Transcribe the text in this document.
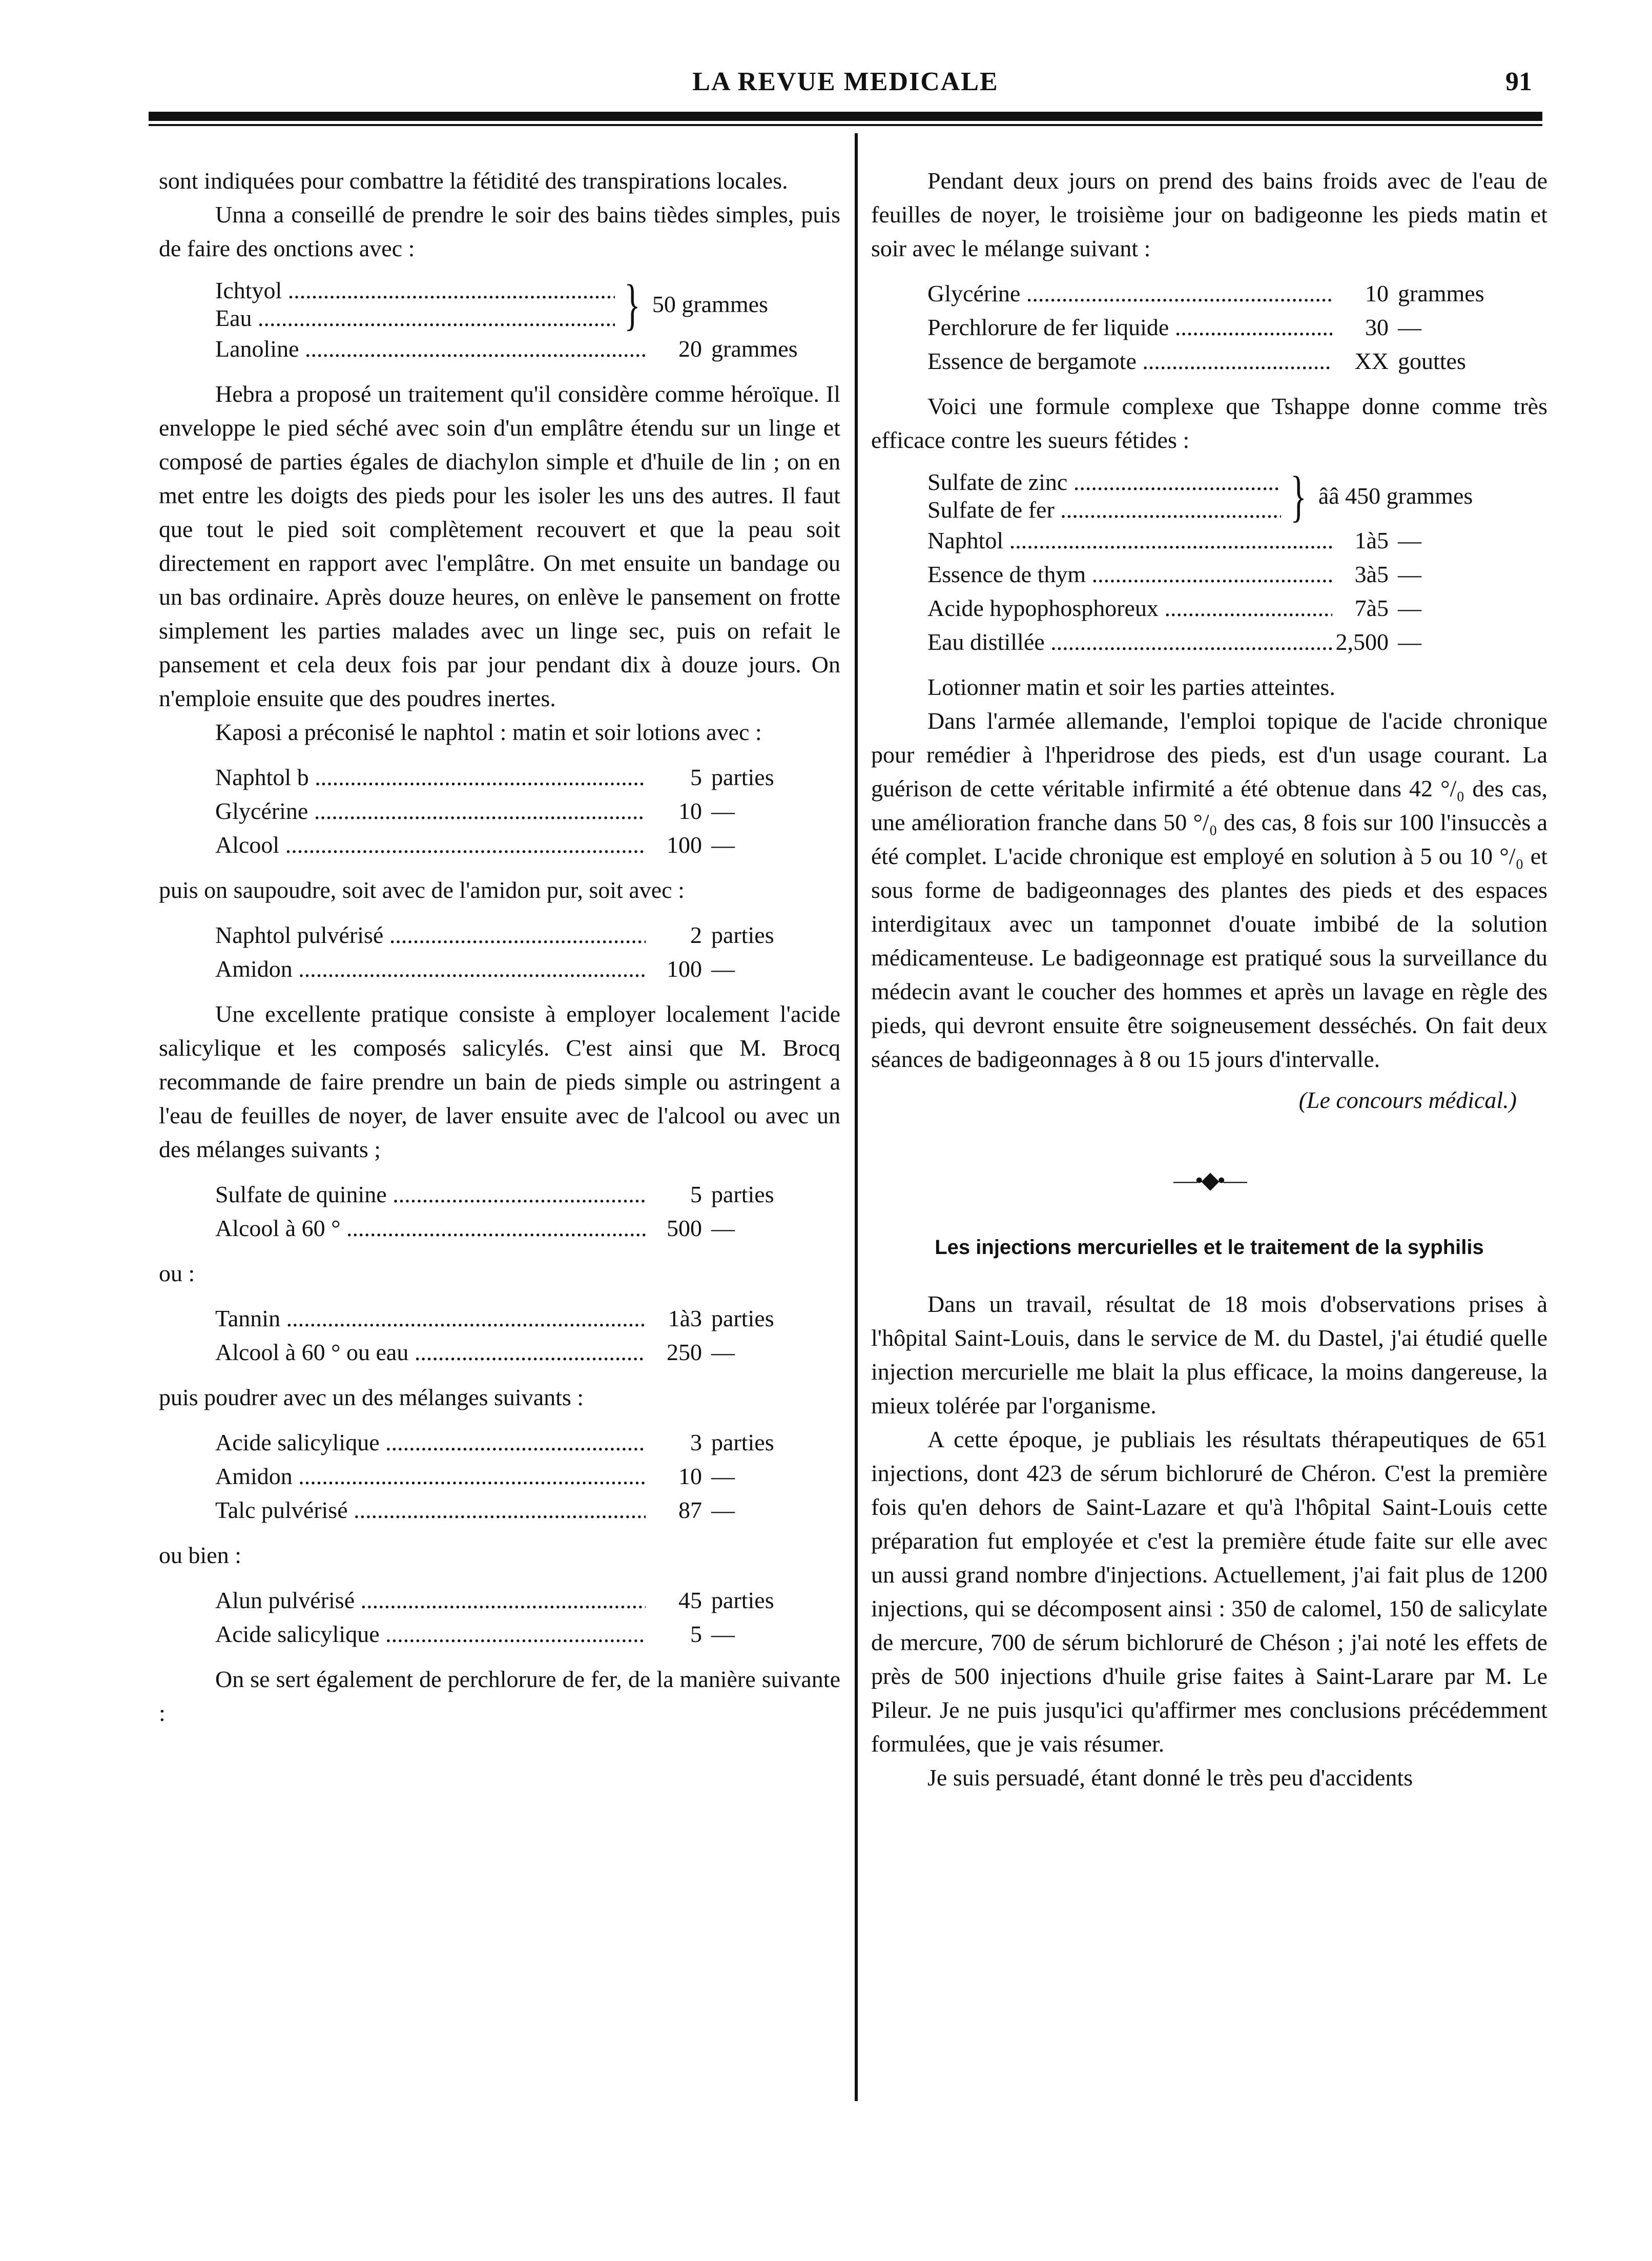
LA REVUE MEDICALE	91

sont indiquées pour combattre la fétidité des transpirations locales.

Unna a conseillé de prendre le soir des bains tièdes simples, puis de faire des onctions avec :

Ichtyol .....
Eau .....	} 50 grammes
Lanoline .....	20 grammes

Hebra a proposé un traitement qu'il considère comme héroïque. Il enveloppe le pied séché avec soin d'un emplâtre étendu sur un linge et composé de parties égales de diachylon simple et d'huile de lin ; on en met entre les doigts des pieds pour les isoler les uns des autres. Il faut que tout le pied soit complètement recouvert et que la peau soit directement en rapport avec l'emplâtre. On met ensuite un bandage ou un bas ordinaire. Après douze heures, on enlève le pansement on frotte simplement les parties malades avec un linge sec, puis on refait le pansement et cela deux fois par jour pendant dix à douze jours. On n'emploie ensuite que des poudres inertes.

Kaposi a préconisé le naphtol : matin et soir lotions avec :

Naphtol b .....	5 parties
Glycérine .....	10 —
Alcool .....	100 —

puis on saupoudre, soit avec de l'amidon pur, soit avec :

Naphtol pulvérisé .....	2 parties
Amidon .....	100 —

Une excellente pratique consiste à employer localement l'acide salicylique et les composés salicylés. C'est ainsi que M. Brocq recommande de faire prendre un bain de pieds simple ou astringent a l'eau de feuilles de noyer, de laver ensuite avec de l'alcool ou avec un des mélanges suivants ;

Sulfate de quinine .....	5 parties
Alcool à 60 ° .....	500 —

ou :

Tannin .....	1à3 parties
Alcool à 60 ° ou eau .....	250 —

puis poudrer avec un des mélanges suivants :

Acide salicylique .....	3 parties
Amidon .....	10 —
Talc pulvérisé .....	87 —

ou bien :

Alun pulvérisé .....	45 parties
Acide salicylique .....	5 —

On se sert également de perchlorure de fer, de la manière suivante :

Pendant deux jours on prend des bains froids avec de l'eau de feuilles de noyer, le troisième jour on badigeonne les pieds matin et soir avec le mélange suivant :

Glycérine .....	10 grammes
Perchlorure de fer liquide .....	30 —
Essence de bergamote .....	XX gouttes

Voici une formule complexe que Tshappe donne comme très efficace contre les sueurs fétides :

Sulfate de zinc .....
Sulfate de fer .....	} ââ 450 grammes
Naphtol .....	1à5 —
Essence de thym .....	3à5 —
Acide hypophosphoreux .....	7à5 —
Eau distillée .....	2,500 —

Lotionner matin et soir les parties atteintes.

Dans l'armée allemande, l'emploi topique de l'acide chronique pour remédier à l'hperidrose des pieds, est d'un usage courant. La guérison de cette véritable infirmité a été obtenue dans 42 °/₀ des cas, une amélioration franche dans 50 °/₀ des cas, 8 fois sur 100 l'insuccès a été complet. L'acide chronique est employé en solution à 5 ou 10 °/₀ et sous forme de badigeonnages des plantes des pieds et des espaces interdigitaux avec un tamponnet d'ouate imbibé de la solution médicamenteuse. Le badigeonnage est pratiqué sous la surveillance du médecin avant le coucher des hommes et après un lavage en règle des pieds, qui devront ensuite être soigneusement desséchés. On fait deux séances de badigeonnages à 8 ou 15 jours d'intervalle.

(Le concours médical.)
—•◆•—
Les injections mercurielles et le traitement de la syphilis

Dans un travail, résultat de 18 mois d'observations prises à l'hôpital Saint-Louis, dans le service de M. du Dastel, j'ai étudié quelle injection mercurielle me blait la plus efficace, la moins dangereuse, la mieux tolérée par l'organisme.

A cette époque, je publiais les résultats thérapeutiques de 651 injections, dont 423 de sérum bichloruré de Chéron. C'est la première fois qu'en dehors de Saint-Lazare et qu'à l'hôpital Saint-Louis cette préparation fut employée et c'est la première étude faite sur elle avec un aussi grand nombre d'injections. Actuellement, j'ai fait plus de 1200 injections, qui se décomposent ainsi : 350 de calomel, 150 de salicylate de mercure, 700 de sérum bichloruré de Chéson ; j'ai noté les effets de près de 500 injections d'huile grise faites à Saint-Larare par M. Le Pileur. Je ne puis jusqu'ici qu'affirmer mes conclusions précédemment formulées, que je vais résumer.

Je suis persuadé, étant donné le très peu d'accidents
